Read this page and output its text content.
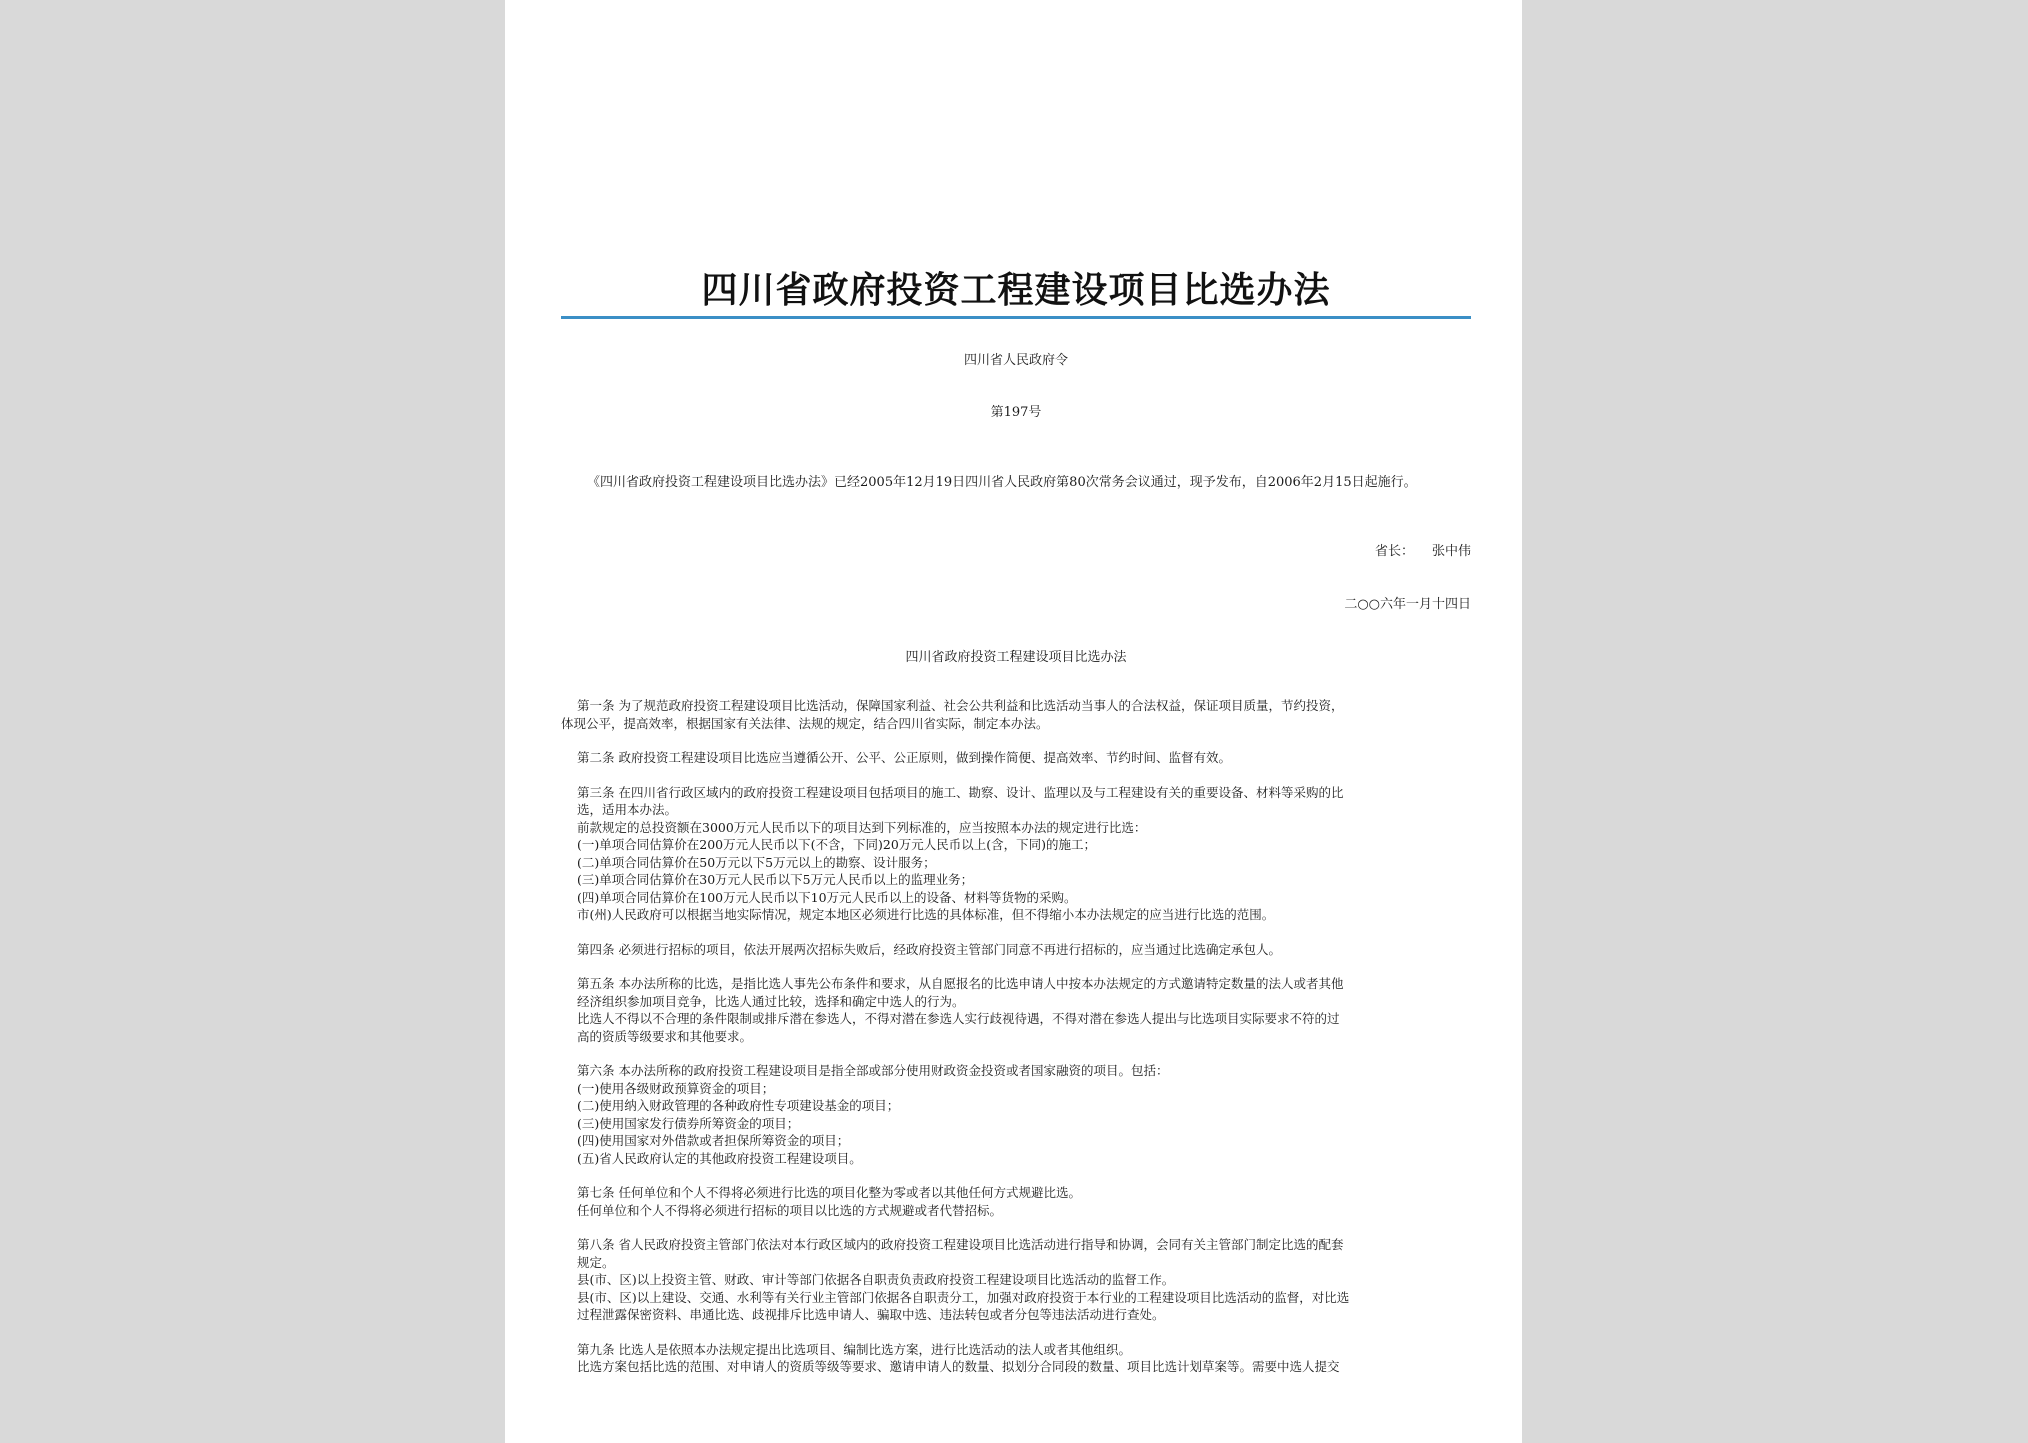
四川省政府投资工程建设项目比选办法
四川省人民政府令
第197号
《四川省政府投资工程建设项目比选办法》已经2005年12月19日四川省人民政府第80次常务会议通过，现予发布，自2006年2月15日起施行。
省长： 张中伟
二○○六年一月十四日
四川省政府投资工程建设项目比选办法
第一条 为了规范政府投资工程建设项目比选活动，保障国家利益、社会公共利益和比选活动当事人的合法权益，保证项目质量，节约投资，
体现公平，提高效率，根据国家有关法律、法规的规定，结合四川省实际，制定本办法。
第二条 政府投资工程建设项目比选应当遵循公开、公平、公正原则，做到操作简便、提高效率、节约时间、监督有效。
第三条 在四川省行政区域内的政府投资工程建设项目包括项目的施工、勘察、设计、监理以及与工程建设有关的重要设备、材料等采购的比
选，适用本办法。
前款规定的总投资额在3000万元人民币以下的项目达到下列标准的，应当按照本办法的规定进行比选：
(一)单项合同估算价在200万元人民币以下(不含，下同)20万元人民币以上(含，下同)的施工；
(二)单项合同估算价在50万元以下5万元以上的勘察、设计服务；
(三)单项合同估算价在30万元人民币以下5万元人民币以上的监理业务；
(四)单项合同估算价在100万元人民币以下10万元人民币以上的设备、材料等货物的采购。
市(州)人民政府可以根据当地实际情况，规定本地区必须进行比选的具体标准，但不得缩小本办法规定的应当进行比选的范围。
第四条 必须进行招标的项目，依法开展两次招标失败后，经政府投资主管部门同意不再进行招标的，应当通过比选确定承包人。
第五条 本办法所称的比选，是指比选人事先公布条件和要求，从自愿报名的比选申请人中按本办法规定的方式邀请特定数量的法人或者其他
经济组织参加项目竞争，比选人通过比较，选择和确定中选人的行为。
比选人不得以不合理的条件限制或排斥潜在参选人，不得对潜在参选人实行歧视待遇，不得对潜在参选人提出与比选项目实际要求不符的过
高的资质等级要求和其他要求。
第六条 本办法所称的政府投资工程建设项目是指全部或部分使用财政资金投资或者国家融资的项目。包括：
(一)使用各级财政预算资金的项目；
(二)使用纳入财政管理的各种政府性专项建设基金的项目；
(三)使用国家发行债券所筹资金的项目；
(四)使用国家对外借款或者担保所筹资金的项目；
(五)省人民政府认定的其他政府投资工程建设项目。
第七条 任何单位和个人不得将必须进行比选的项目化整为零或者以其他任何方式规避比选。
任何单位和个人不得将必须进行招标的项目以比选的方式规避或者代替招标。
第八条 省人民政府投资主管部门依法对本行政区域内的政府投资工程建设项目比选活动进行指导和协调，会同有关主管部门制定比选的配套
规定。
县(市、区)以上投资主管、财政、审计等部门依据各自职责负责政府投资工程建设项目比选活动的监督工作。
县(市、区)以上建设、交通、水利等有关行业主管部门依据各自职责分工，加强对政府投资于本行业的工程建设项目比选活动的监督，对比选
过程泄露保密资料、串通比选、歧视排斥比选申请人、骗取中选、违法转包或者分包等违法活动进行查处。
第九条 比选人是依照本办法规定提出比选项目、编制比选方案，进行比选活动的法人或者其他组织。
比选方案包括比选的范围、对申请人的资质等级等要求、邀请申请人的数量、拟划分合同段的数量、项目比选计划草案等。需要中选人提交
